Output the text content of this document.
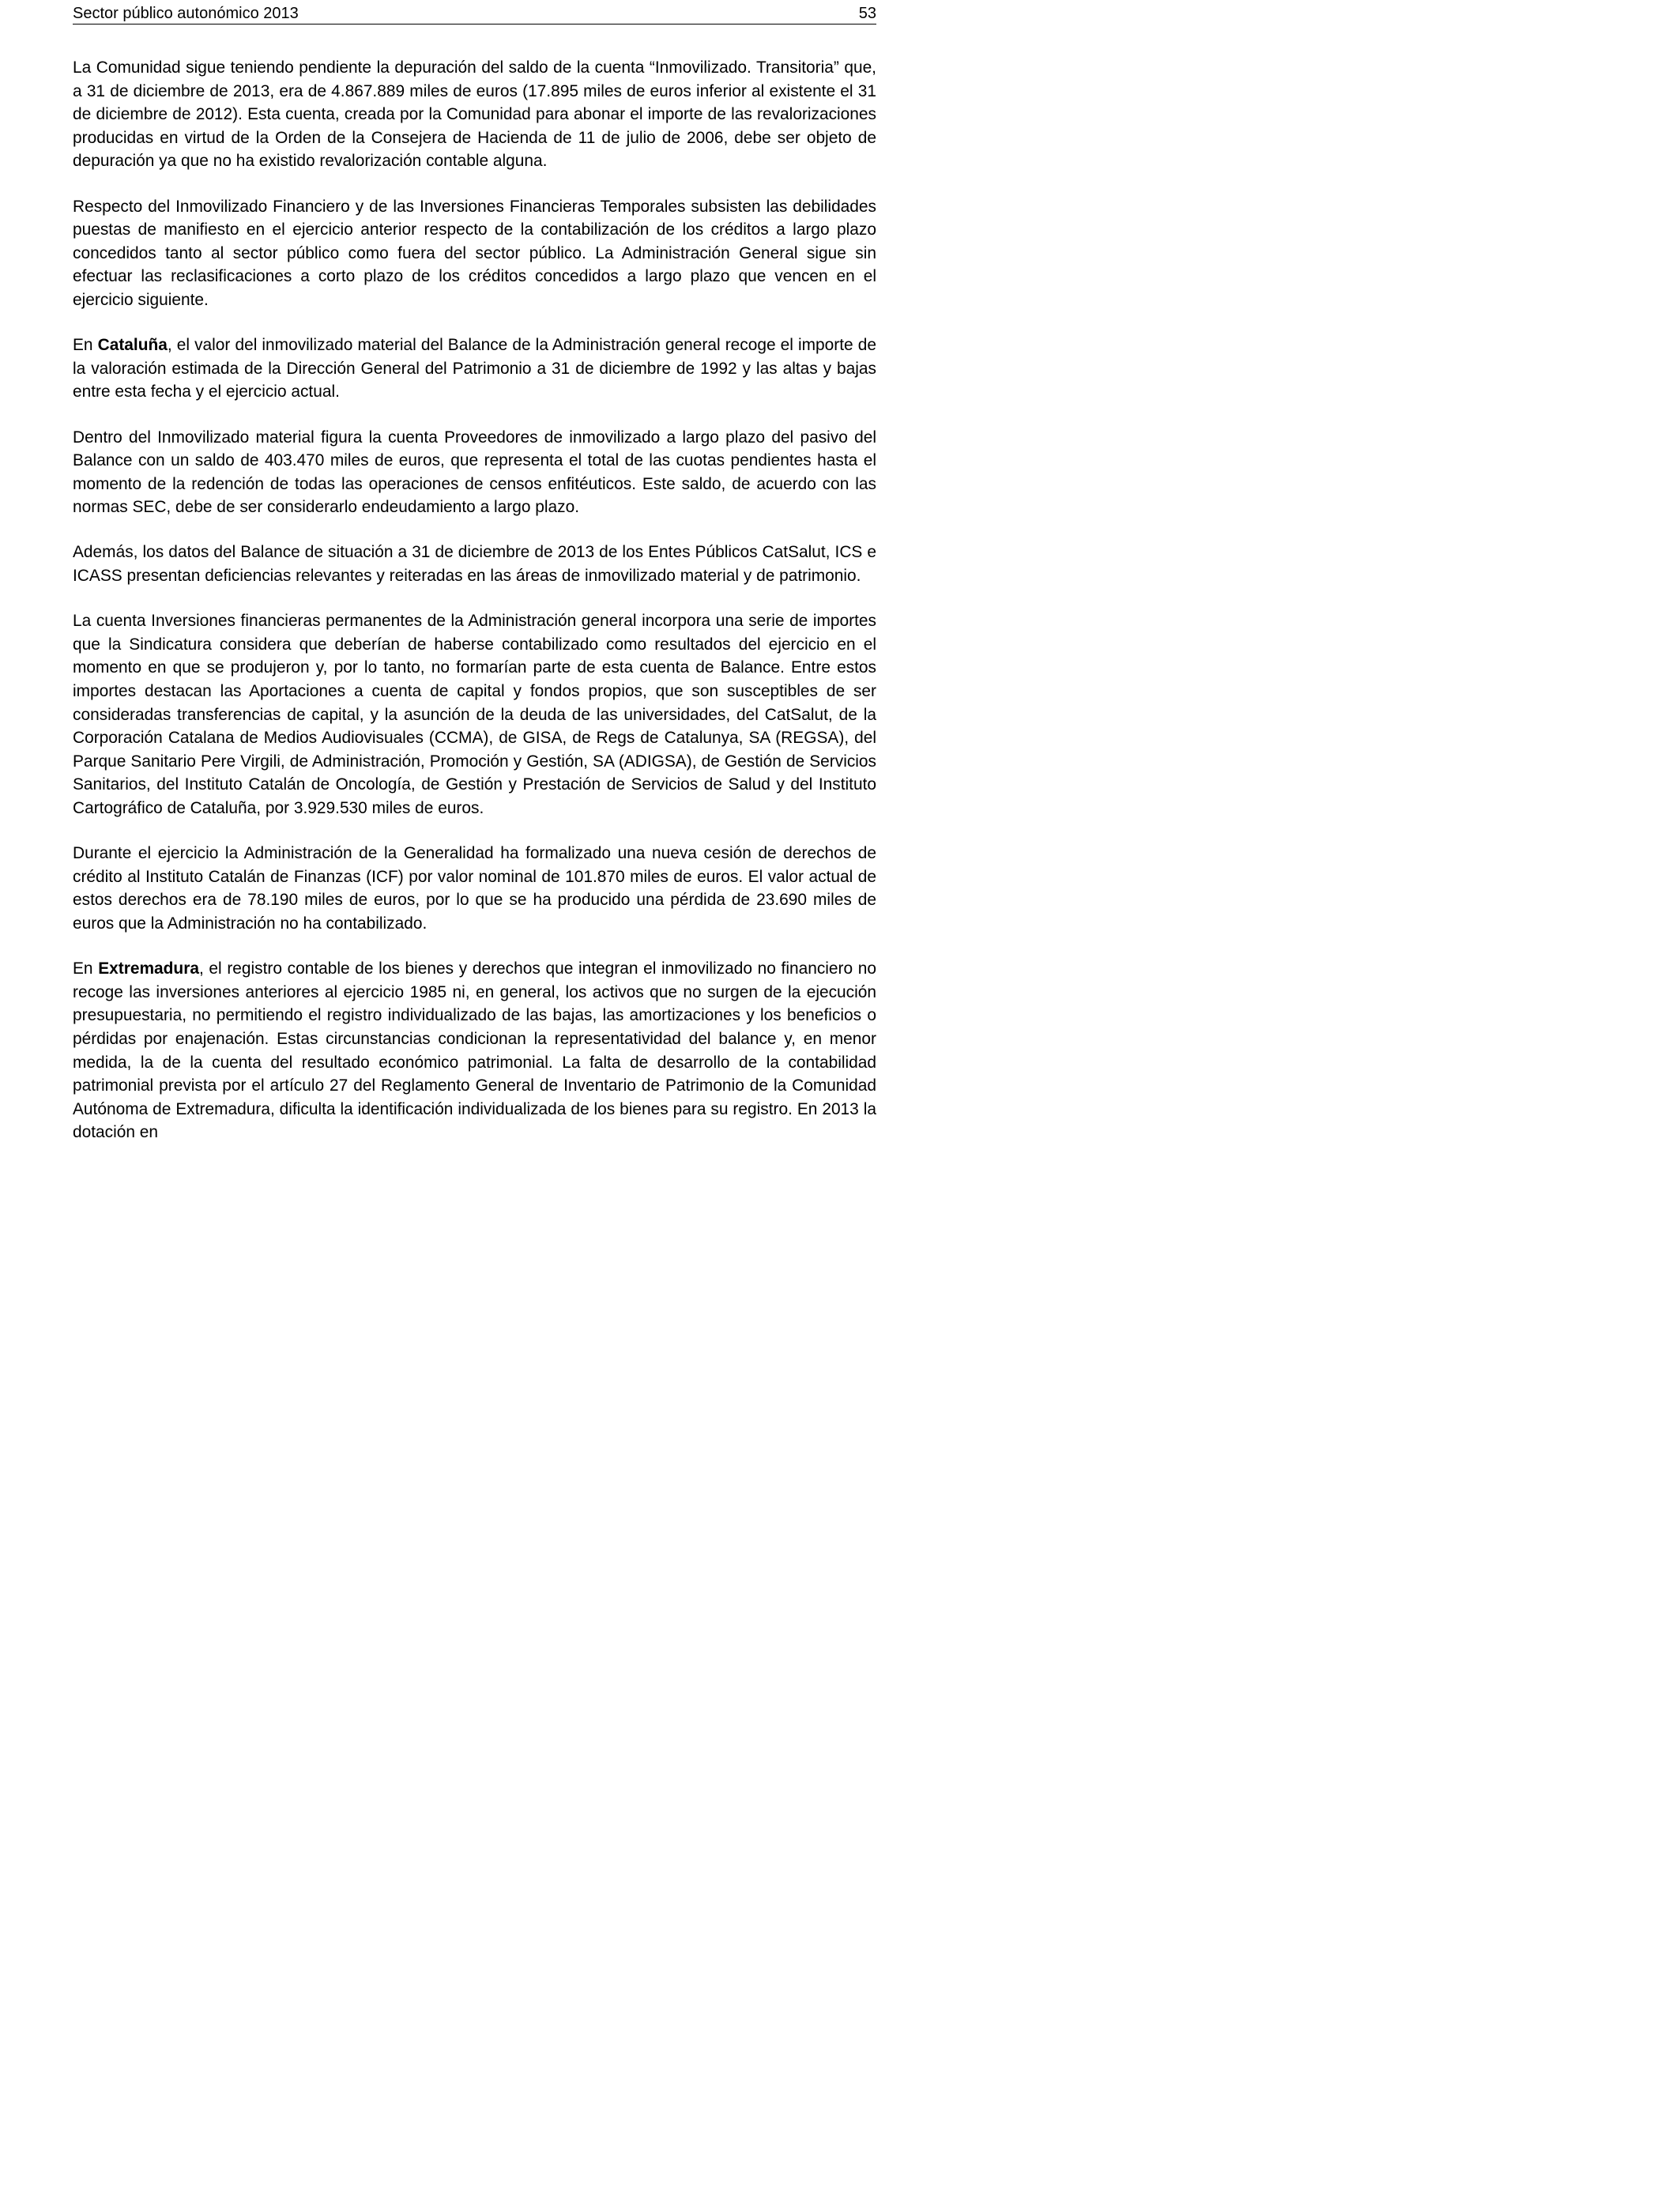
Sector público autonómico 2013	53

La Comunidad sigue teniendo pendiente la depuración del saldo de la cuenta “Inmovilizado. Transitoria” que, a 31 de diciembre de 2013, era de 4.867.889 miles de euros (17.895 miles de euros inferior al existente el 31 de diciembre de 2012). Esta cuenta, creada por la Comunidad para abonar el importe de las revalorizaciones producidas en virtud de la Orden de la Consejera de Hacienda de 11 de julio de 2006, debe ser objeto de depuración ya que no ha existido revalorización contable alguna.

Respecto del Inmovilizado Financiero y de las Inversiones Financieras Temporales subsisten las debilidades puestas de manifiesto en el ejercicio anterior respecto de la contabilización de los créditos a largo plazo concedidos tanto al sector público como fuera del sector público. La Administración General sigue sin efectuar las reclasificaciones a corto plazo de los créditos concedidos a largo plazo que vencen en el ejercicio siguiente.

En Cataluña, el valor del inmovilizado material del Balance de la Administración general recoge el importe de la valoración estimada de la Dirección General del Patrimonio a 31 de diciembre de 1992 y las altas y bajas entre esta fecha y el ejercicio actual.

Dentro del Inmovilizado material figura la cuenta Proveedores de inmovilizado a largo plazo del pasivo del Balance con un saldo de 403.470 miles de euros, que representa el total de las cuotas pendientes hasta el momento de la redención de todas las operaciones de censos enfitéuticos. Este saldo, de acuerdo con las normas SEC, debe de ser considerarlo endeudamiento a largo plazo.

Además, los datos del Balance de situación a 31 de diciembre de 2013 de los Entes Públicos CatSalut, ICS e ICASS presentan deficiencias relevantes y reiteradas en las áreas de inmovilizado material y de patrimonio.

La cuenta Inversiones financieras permanentes de la Administración general incorpora una serie de importes que la Sindicatura considera que deberían de haberse contabilizado como resultados del ejercicio en el momento en que se produjeron y, por lo tanto, no formarían parte de esta cuenta de Balance. Entre estos importes destacan las Aportaciones a cuenta de capital y fondos propios, que son susceptibles de ser consideradas transferencias de capital, y la asunción de la deuda de las universidades, del CatSalut, de la Corporación Catalana de Medios Audiovisuales (CCMA), de GISA, de Regs de Catalunya, SA (REGSA), del Parque Sanitario Pere Virgili, de Administración, Promoción y Gestión, SA (ADIGSA), de Gestión de Servicios Sanitarios, del Instituto Catalán de Oncología, de Gestión y Prestación de Servicios de Salud y del Instituto Cartográfico de Cataluña, por 3.929.530 miles de euros.

Durante el ejercicio la Administración de la Generalidad ha formalizado una nueva cesión de derechos de crédito al Instituto Catalán de Finanzas (ICF) por valor nominal de 101.870 miles de euros. El valor actual de estos derechos era de 78.190 miles de euros, por lo que se ha producido una pérdida de 23.690 miles de euros que la Administración no ha contabilizado.

En Extremadura, el registro contable de los bienes y derechos que integran el inmovilizado no financiero no recoge las inversiones anteriores al ejercicio 1985 ni, en general, los activos que no surgen de la ejecución presupuestaria, no permitiendo el registro individualizado de las bajas, las amortizaciones y los beneficios o pérdidas por enajenación. Estas circunstancias condicionan la representatividad del balance y, en menor medida, la de la cuenta del resultado económico patrimonial. La falta de desarrollo de la contabilidad patrimonial prevista por el artículo 27 del Reglamento General de Inventario de Patrimonio de la Comunidad Autónoma de Extremadura, dificulta la identificación individualizada de los bienes para su registro. En 2013 la dotación en
